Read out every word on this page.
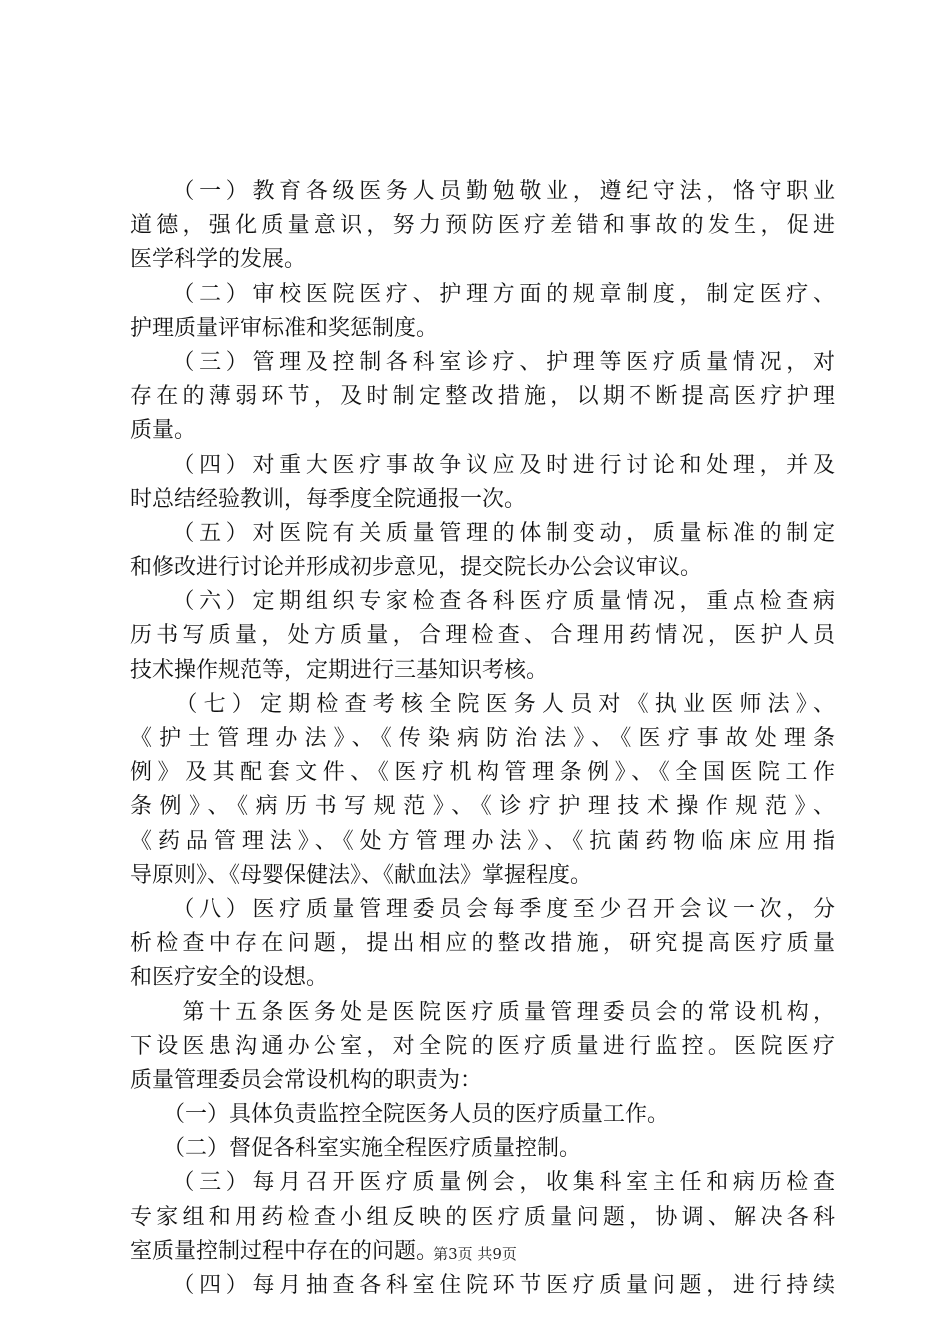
　　（一）教育各级医务人员勤勉敬业，遵纪守法，恪守职业
道德，强化质量意识，努力预防医疗差错和事故的发生，促进
医学科学的发展。
　　（二）审校医院医疗、护理方面的规章制度，制定医疗、
护理质量评审标准和奖惩制度。
　　（三）管理及控制各科室诊疗、护理等医疗质量情况，对
存在的薄弱环节，及时制定整改措施，以期不断提高医疗护理
质量。
　　（四）对重大医疗事故争议应及时进行讨论和处理，并及
时总结经验教训，每季度全院通报一次。
　　（五）对医院有关质量管理的体制变动，质量标准的制定
和修改进行讨论并形成初步意见，提交院长办公会议审议。
　　（六）定期组织专家检查各科医疗质量情况，重点检查病
历书写质量，处方质量，合理检查、合理用药情况，医护人员
技术操作规范等，定期进行三基知识考核。
　　（七）定期检查考核全院医务人员对《执业医师法》、
《护士管理办法》、《传染病防治法》、《医疗事故处理条
例》及其配套文件、《医疗机构管理条例》、《全国医院工作
条例》、《病历书写规范》、《诊疗护理技术操作规范》、
《药品管理法》、《处方管理办法》、《抗菌药物临床应用指
导原则》、《母婴保健法》、《献血法》掌握程度。
　　（八）医疗质量管理委员会每季度至少召开会议一次，分
析检查中存在问题，提出相应的整改措施，研究提高医疗质量
和医疗安全的设想。
　　第十五条医务处是医院医疗质量管理委员会的常设机构，
下设医患沟通办公室，对全院的医疗质量进行监控。医院医疗
质量管理委员会常设机构的职责为：
　　（一）具体负责监控全院医务人员的医疗质量工作。
　　（二）督促各科室实施全程医疗质量控制。
　　（三）每月召开医疗质量例会，收集科室主任和病历检查
专家组和用药检查小组反映的医疗质量问题，协调、解决各科
室质量控制过程中存在的问题。
　　（四）每月抽查各科室住院环节医疗质量问题，进行持续
第3页 共9页
